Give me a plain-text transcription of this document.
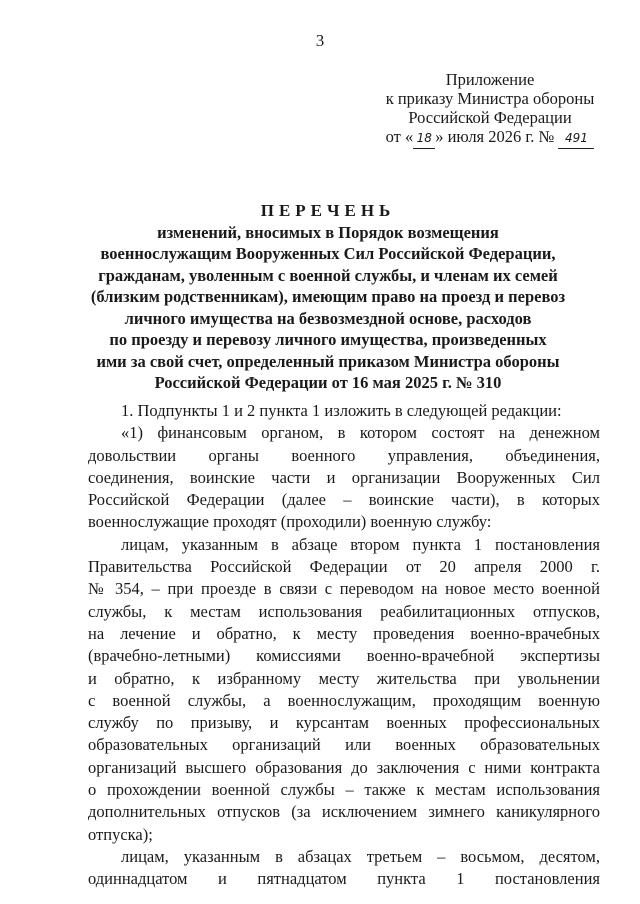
3
Приложение
к приказу Министра обороны
Российской Федерации
от « 18 » июля 2026 г. № 491
ПЕРЕЧЕНЬ
изменений, вносимых в Порядок возмещения
военнослужащим Вооруженных Сил Российской Федерации,
гражданам, уволенным с военной службы, и членам их семей
(близким родственникам), имеющим право на проезд и перевоз
личного имущества на безвозмездной основе, расходов
по проезду и перевозу личного имущества, произведенных
ими за свой счет, определенный приказом Министра обороны
Российской Федерации от 16 мая 2025 г. № 310
1. Подпункты 1 и 2 пункта 1 изложить в следующей редакции:
«1) финансовым органом, в котором состоят на денежном
довольствии органы военного управления, объединения,
соединения, воинские части и организации Вооруженных Сил
Российской Федерации (далее – воинские части), в которых
военнослужащие проходят (проходили) военную службу:
лицам, указанным в абзаце втором пункта 1 постановления
Правительства Российской Федерации от 20 апреля 2000 г.
№ 354, – при проезде в связи с переводом на новое место военной
службы, к местам использования реабилитационных отпусков,
на лечение и обратно, к месту проведения военно-врачебных
(врачебно-летными) комиссиями военно-врачебной экспертизы
и обратно, к избранному месту жительства при увольнении
с военной службы, а военнослужащим, проходящим военную
службу по призыву, и курсантам военных профессиональных
образовательных организаций или военных образовательных
организаций высшего образования до заключения с ними контракта
о прохождении военной службы – также к местам использования
дополнительных отпусков (за исключением зимнего каникулярного
отпуска);
лицам, указанным в абзацах третьем – восьмом, десятом,
одиннадцатом и пятнадцатом пункта 1 постановления
